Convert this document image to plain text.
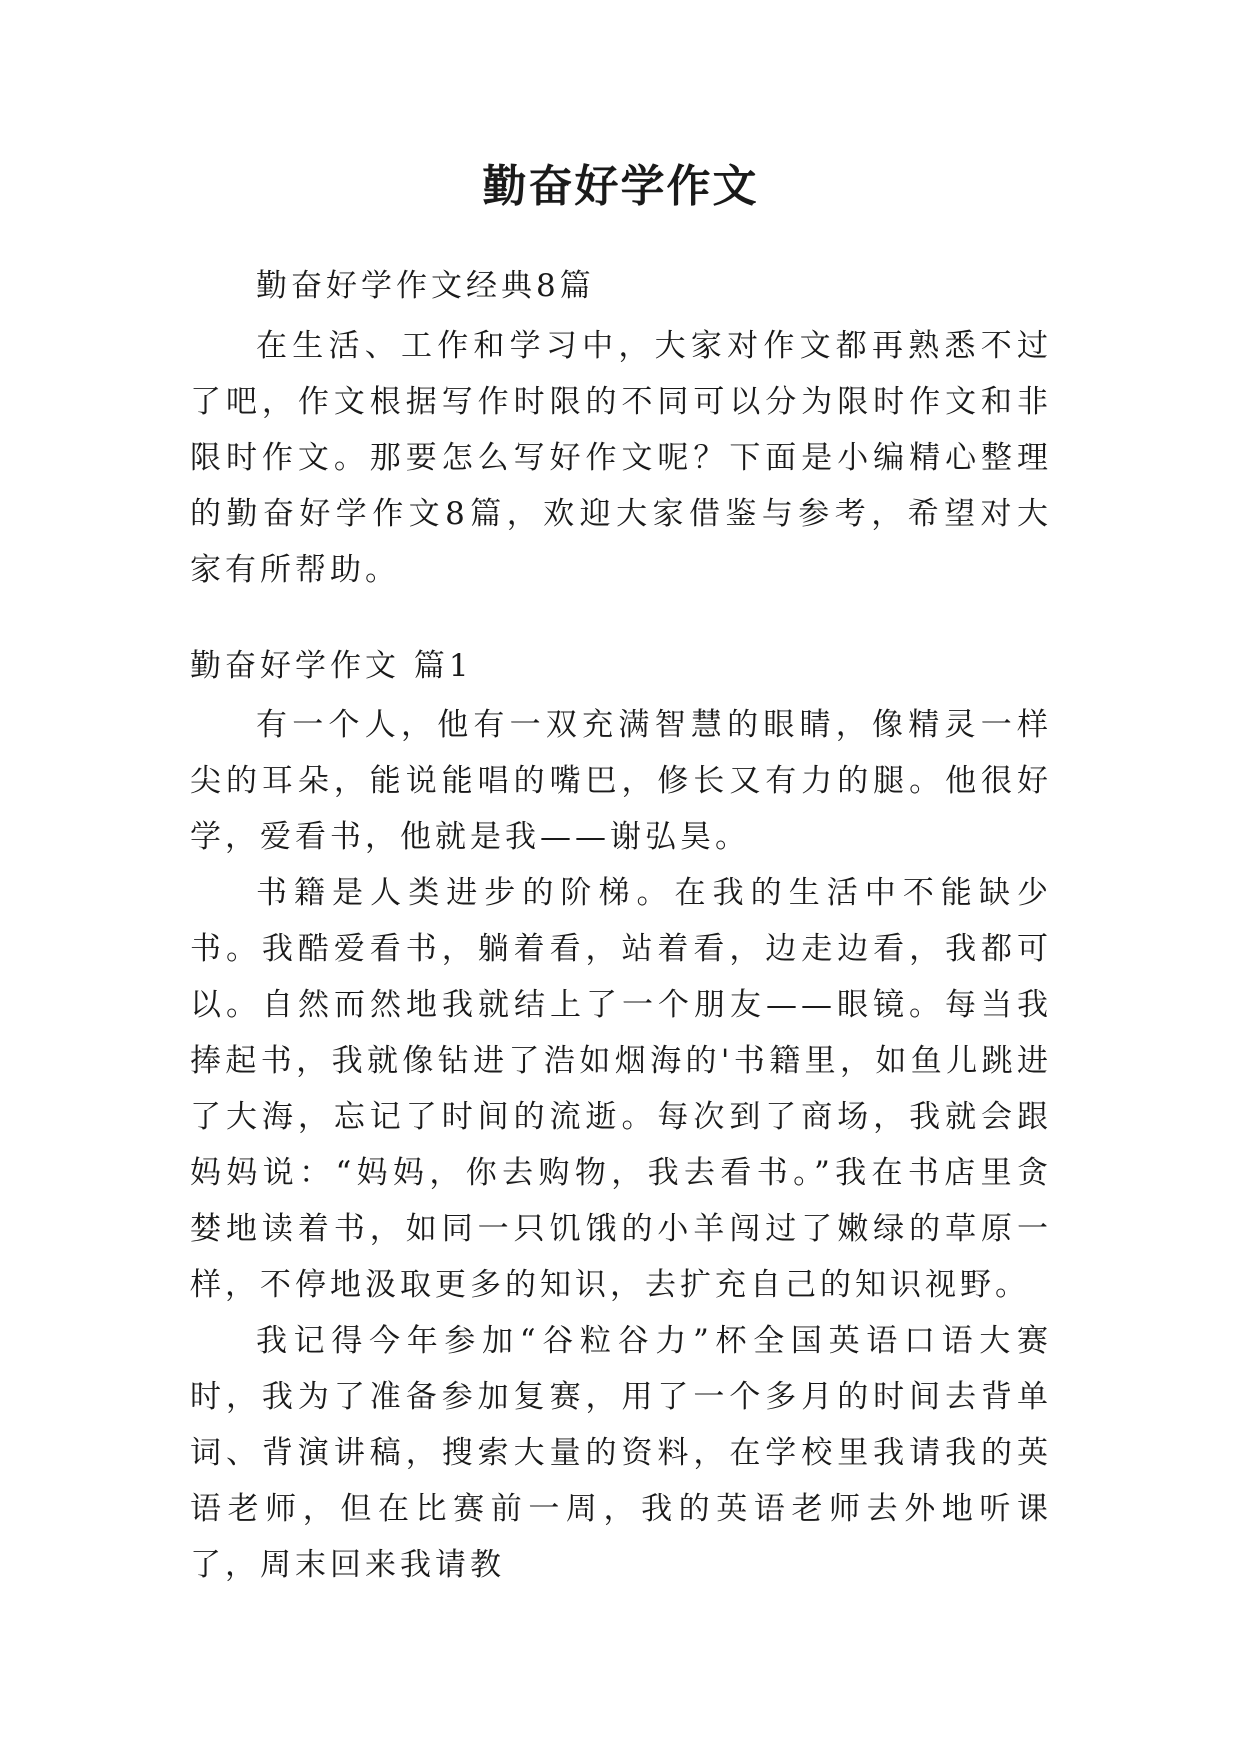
勤奋好学作文
勤奋好学作文经典8篇

在生活、工作和学习中，大家对作文都再熟悉不过了吧，作文根据写作时限的不同可以分为限时作文和非限时作文。那要怎么写好作文呢？下面是小编精心整理的勤奋好学作文8篇，欢迎大家借鉴与参考，希望对大家有所帮助。

勤奋好学作文 篇1

有一个人，他有一双充满智慧的眼睛，像精灵一样尖的耳朵，能说能唱的嘴巴，修长又有力的腿。他很好学，爱看书，他就是我——谢弘昊。

书籍是人类进步的阶梯。在我的生活中不能缺少书。我酷爱看书，躺着看，站着看，边走边看，我都可以。自然而然地我就结上了一个朋友——眼镜。每当我捧起书，我就像钻进了浩如烟海的'书籍里，如鱼儿跳进了大海，忘记了时间的流逝。每次到了商场，我就会跟妈妈说：“妈妈，你去购物，我去看书。”我在书店里贪婪地读着书，如同一只饥饿的小羊闯过了嫩绿的草原一样，不停地汲取更多的知识，去扩充自己的知识视野。

我记得今年参加“谷粒谷力”杯全国英语口语大赛时，我为了准备参加复赛，用了一个多月的时间去背单词、背演讲稿，搜索大量的资料，在学校里我请我的英语老师，但在比赛前一周，我的英语老师去外地听课了，周末回来我请教
